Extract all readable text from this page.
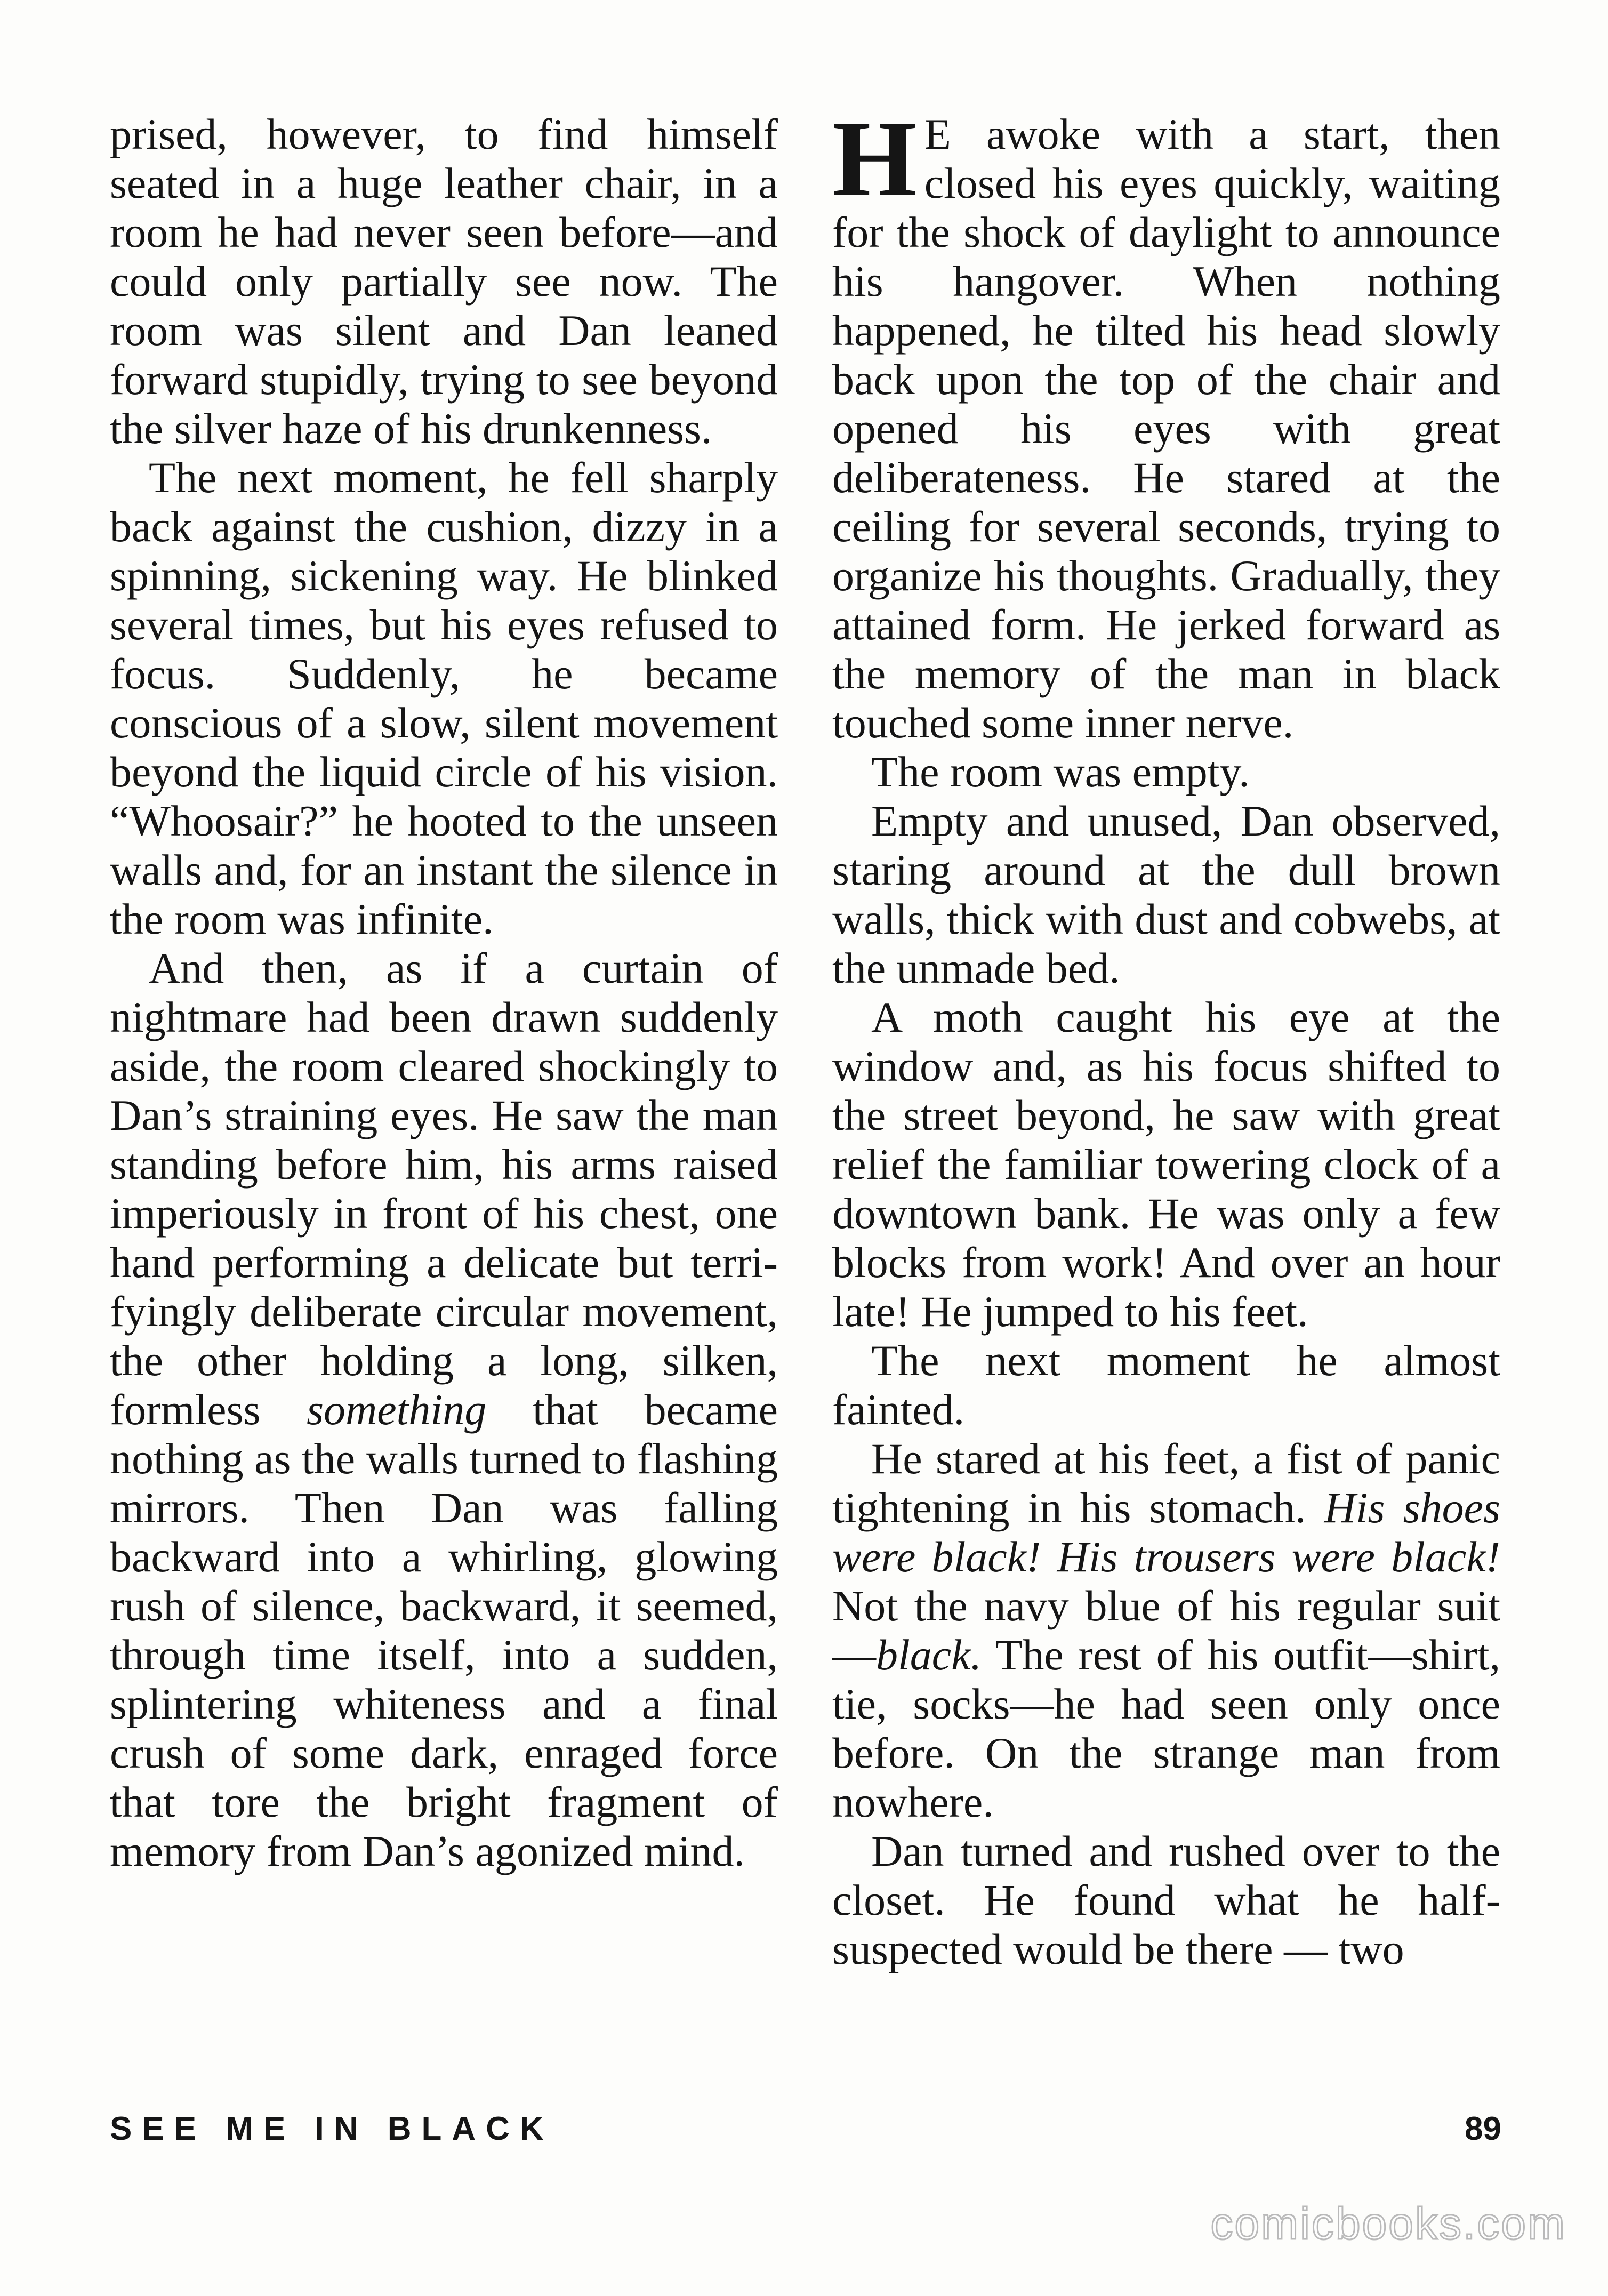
prised, however, to find himself seated in a huge leather chair, in a room he had never seen before—and could only partially see now. The room was silent and Dan leaned forward stupidly, trying to see beyond the silver haze of his drunkenness.

The next moment, he fell sharply back against the cushion, dizzy in a spinning, sickening way. He blinked several times, but his eyes refused to focus. Suddenly, he became conscious of a slow, silent movement beyond the liquid circle of his vision. “Whoosair?” he hooted to the unseen walls and, for an instant the silence in the room was infinite.

And then, as if a curtain of nightmare had been drawn suddenly aside, the room cleared shockingly to Dan’s straining eyes. He saw the man standing before him, his arms raised imperiously in front of his chest, one hand performing a delicate but terrifyingly deliberate circular movement, the other holding a long, silken, formless something that became nothing as the walls turned to flashing mirrors. Then Dan was falling backward into a whirling, glowing rush of silence, backward, it seemed, through time itself, into a sudden, splintering whiteness and a final crush of some dark, enraged force that tore the bright fragment of memory from Dan’s agonized mind.

H E awoke with a start, then closed his eyes quickly, waiting for the shock of daylight to announce his hangover. When nothing happened, he tilted his head slowly back upon the top of the chair and opened his eyes with great deliberateness. He stared at the ceiling for several seconds, trying to organize his thoughts. Gradually, they attained form. He jerked forward as the memory of the man in black touched some inner nerve.

The room was empty.

Empty and unused, Dan observed, staring around at the dull brown walls, thick with dust and cobwebs, at the unmade bed.

A moth caught his eye at the window and, as his focus shifted to the street beyond, he saw with great relief the familiar towering clock of a downtown bank. He was only a few blocks from work! And over an hour late! He jumped to his feet.

The next moment he almost fainted.

He stared at his feet, a fist of panic tightening in his stomach. His shoes were black! His trousers were black! Not the navy blue of his regular suit—black. The rest of his outfit—shirt, tie, socks—he had seen only once before. On the strange man from nowhere.

Dan turned and rushed over to the closet. He found what he halfsuspected would be there — two

SEE ME IN BLACK	89
comicbooks.com
